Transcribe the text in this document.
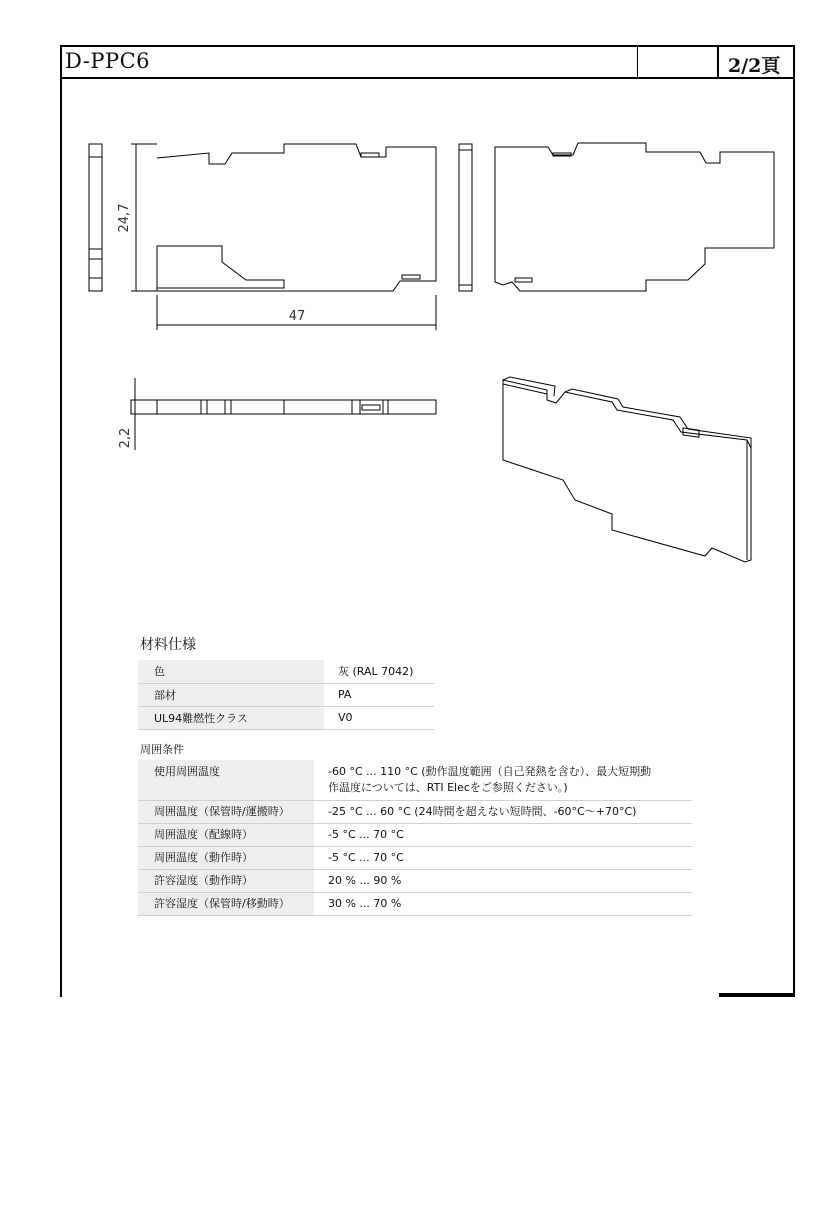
D-PPC6	2/2頁
24,7
47
2,2
材料仕様
色	灰 (RAL 7042)
部材	PA
UL94難燃性クラス	V0
周囲条件
使用周囲温度	-60 °C ... 110 °C (動作温度範囲（自己発熱を含む）、最大短期動
作温度については、RTI Elecをご参照ください。)

周囲温度（保管時/運搬時）	-25 °C ... 60 °C (24時間を超えない短時間、-60°C～+70°C)
周囲温度（配線時）	-5 °C ... 70 °C
周囲温度（動作時）	-5 °C ... 70 °C
許容湿度（動作時）	20 % ... 90 %
許容湿度（保管時/移動時）	30 % ... 70 %
